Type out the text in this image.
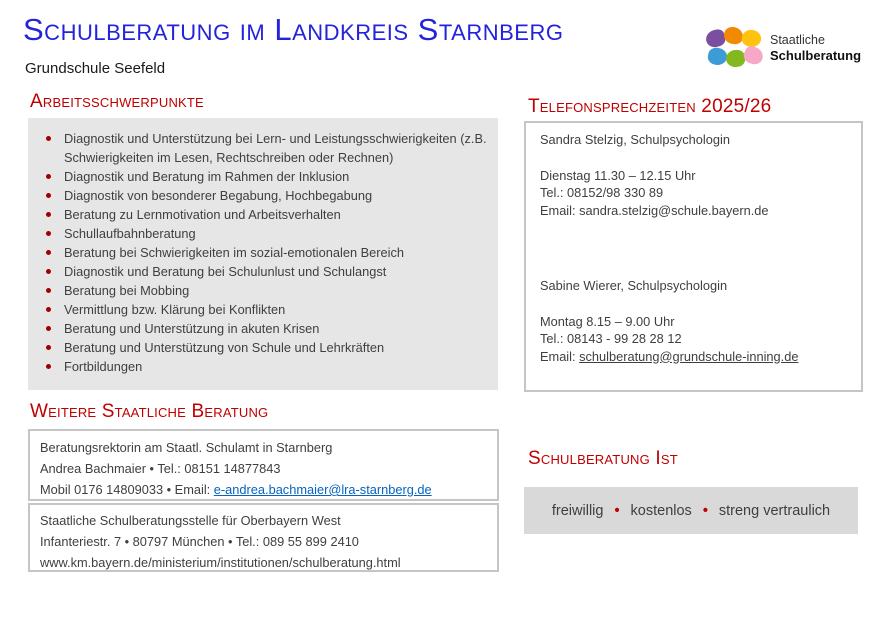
Schulberatung im Landkreis Starnberg
Grundschule Seefeld
Staatliche
Schulberatung
Arbeitsschwerpunkte	Telefonsprechzeiten 2025/26
Weitere Staatliche Beratung
Schulberatung Ist
Diagnostik und Unterstützung bei Lern- und Leistungsschwierigkeiten (z.B. Schwierigkeiten im Lesen, Rechtschreiben oder Rechnen)
Diagnostik und Beratung im Rahmen der Inklusion
Diagnostik von besonderer Begabung, Hochbegabung
Beratung zu Lernmotivation und Arbeitsverhalten
Schullaufbahnberatung
Beratung bei Schwierigkeiten im sozial-emotionalen Bereich
Diagnostik und Beratung bei Schulunlust und Schulangst
Beratung bei Mobbing
Vermittlung bzw. Klärung bei Konflikten
Beratung und Unterstützung in akuten Krisen
Beratung und Unterstützung von Schule und Lehrkräften
Fortbildungen

Sandra Stelzig, Schulpsychologin

Dienstag 11.30 – 12.15 Uhr

Tel.: 08152/98 330 89

Email: sandra.stelzig@schule.bayern.de

Sabine Wierer, Schulpsychologin

Montag 8.15 – 9.00 Uhr

Tel.: 08143 - 99 28 28 12

Email: schulberatung@grundschule-inning.de

Beratungsrektorin am Staatl. Schulamt in Starnberg
Andrea Bachmaier • Tel.: 08151 14877843
Mobil 0176 14809033 • Email: e-andrea.bachmaier@lra-starnberg.de
Staatliche Schulberatungsstelle für Oberbayern West
Infanteriestr. 7 • 80797 München • Tel.: 089 55 899 2410
www.km.bayern.de/ministerium/institutionen/schulberatung.html
freiwillig • kostenlos • streng vertraulich
